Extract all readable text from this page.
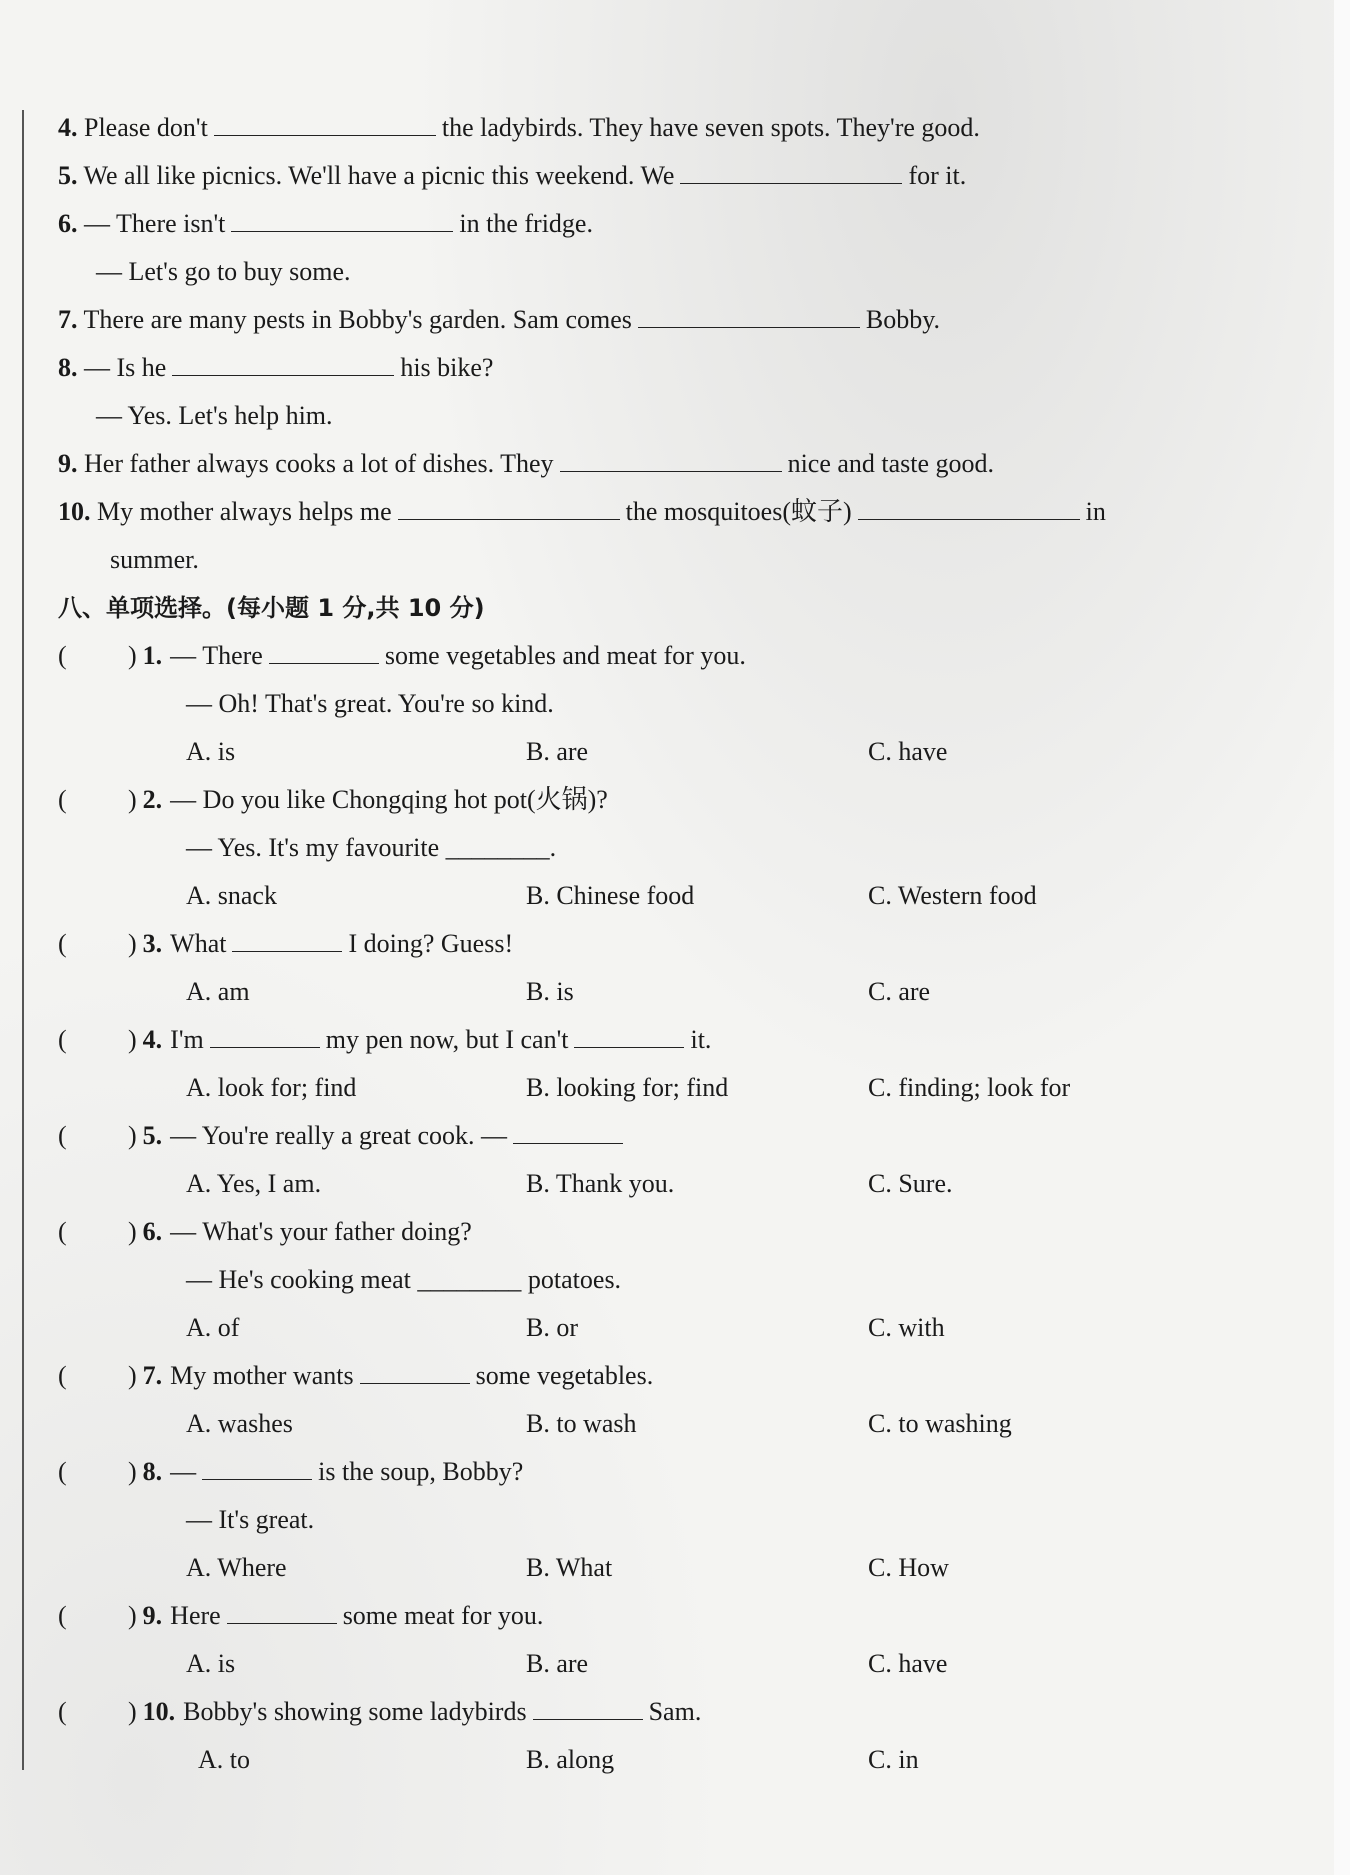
4. Please don't	the ladybirds. They have seven spots. They're good.
5. We all like picnics. We'll have a picnic this weekend. We	for it.
6. — There isn't	in the fridge.
— Let's go to buy some.
7. There are many pests in Bobby's garden. Sam comes	Bobby.
8. — Is he	his bike?
— Yes. Let's help him.
9. Her father always cooks a lot of dishes. They	nice and taste good.
10. My mother always helps me	the mosquitoes(蚊子)	in
summer.
八、单项选择。(每小题 1 分,共 10 分)
( ) 1. — There	some vegetables and meat for you.
— Oh! That's great. You're so kind.
A. is	B. are	C. have
( ) 2. — Do you like Chongqing hot pot(火锅)?
— Yes. It's my favourite ________.
A. snack	B. Chinese food	C. Western food
( ) 3. What	I doing? Guess!
A. am	B. is	C. are
( ) 4. I'm	my pen now, but I can't	it.
A. look for; find	B. looking for; find	C. finding; look for
( ) 5. — You're really a great cook. —
A. Yes, I am.	B. Thank you.	C. Sure.
( ) 6. — What's your father doing?
— He's cooking meat ________ potatoes.
A. of	B. or	C. with
( ) 7. My mother wants	some vegetables.
A. washes	B. to wash	C. to washing
( ) 8. —	is the soup, Bobby?
— It's great.
A. Where	B. What	C. How
( ) 9. Here	some meat for you.
A. is	B. are	C. have
( ) 10. Bobby's showing some ladybirds	Sam.
A. to	B. along	C. in
